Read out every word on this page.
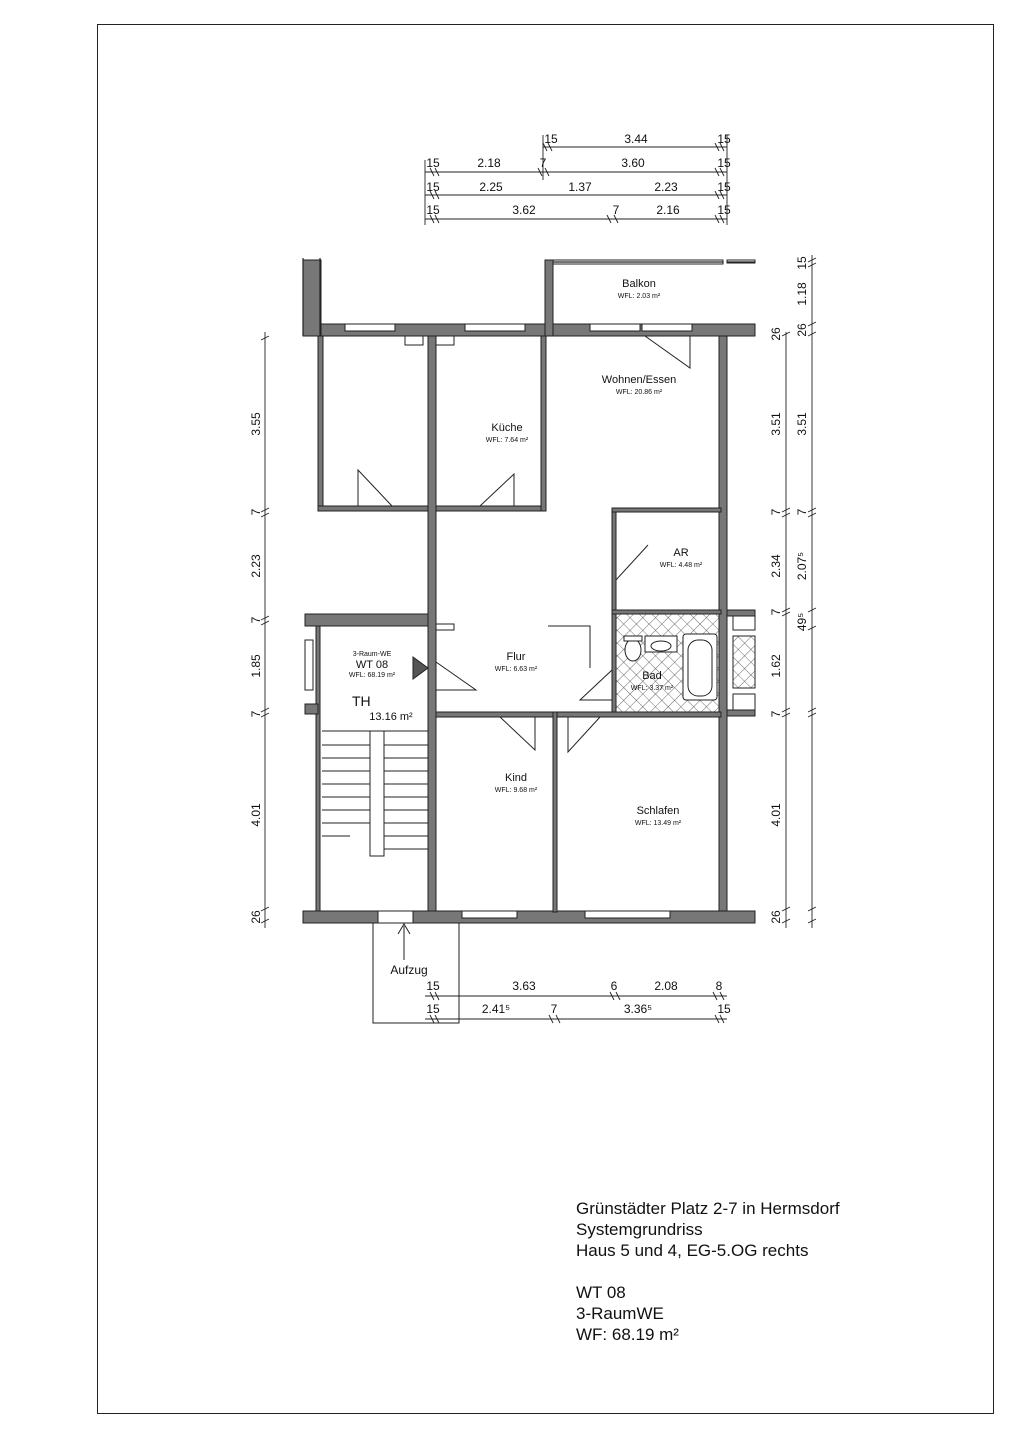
Balkon
WFL: 2.03 m²
Wohnen/Essen
WFL: 20.86 m²
Küche
WFL: 7.64 m²
AR
WFL: 4.48 m²
Flur
WFL: 6.63 m²
Bad
WFL: 3.37 m²
Kind
WFL: 9.68 m²
Schlafen
WFL: 13.49 m²
3-Raum-WE
WT 08
WFL: 68.19 m²
13.16 m²
Aufzug
TH
15	3.44	15
15	2.18	7	3.60	15
15	2.25	1.37	2.23	15
15	3.62	7	2.16	15
15	3.63	6	2.08	8
15	2.41⁵	7	3.36⁵	15
3.55
7
2.23
7
1.85
7
4.01
26
26
3.51
7
2.34
7
1.62
7
4.01
26
15
1.18
26
3.51
7
2.07⁵
49⁵
Grünstädter Platz 2-7 in Hermsdorf
Systemgrundriss
Haus 5 und 4, EG-5.OG rechts
WT 08
3-RaumWE
WF: 68.19 m²
